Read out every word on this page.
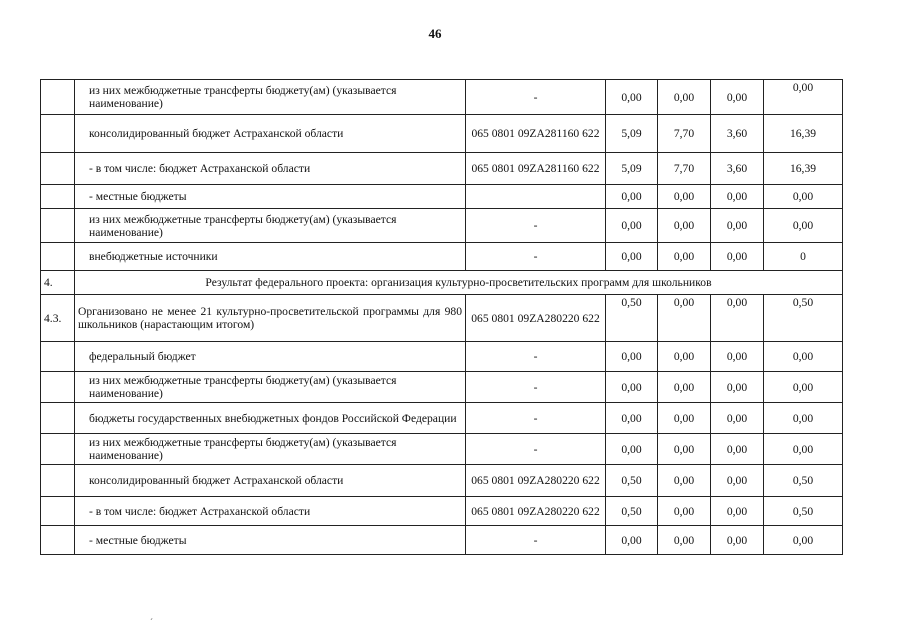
46
	из них межбюджетные трансферты бюджету(ам) (указывается наименование)	-	0,00	0,00	0,00	0,00
	консолидированный бюджет Астраханской области	065 0801 09ZA281160 622	5,09	7,70	3,60	16,39
	- в том числе: бюджет Астраханской области	065 0801 09ZA281160 622	5,09	7,70	3,60	16,39
	- местные бюджеты		0,00	0,00	0,00	0,00
	из них межбюджетные трансферты бюджету(ам) (указывается наименование)	-	0,00	0,00	0,00	0,00
	внебюджетные источники	-	0,00	0,00	0,00	0
4.	Результат федерального проекта: организация культурно-просветительских программ для школьников					
4.3.	Организовано не менее 21 культурно-просветительской программы для 980 школьников (нарастающим итогом)	065 0801 09ZA280220 622	0,50	0,00	0,00	0,50
	федеральный бюджет	-	0,00	0,00	0,00	0,00
	из них межбюджетные трансферты бюджету(ам) (указывается наименование)	-	0,00	0,00	0,00	0,00
	бюджеты государственных внебюджетных фондов Российской Федерации	-	0,00	0,00	0,00	0,00
	из них межбюджетные трансферты бюджету(ам) (указывается наименование)	-	0,00	0,00	0,00	0,00
	консолидированный бюджет Астраханской области	065 0801 09ZA280220 622	0,50	0,00	0,00	0,50
	- в том числе: бюджет Астраханской области	065 0801 09ZA280220 622	0,50	0,00	0,00	0,50
	- местные бюджеты	-	0,00	0,00	0,00	0,00
´
